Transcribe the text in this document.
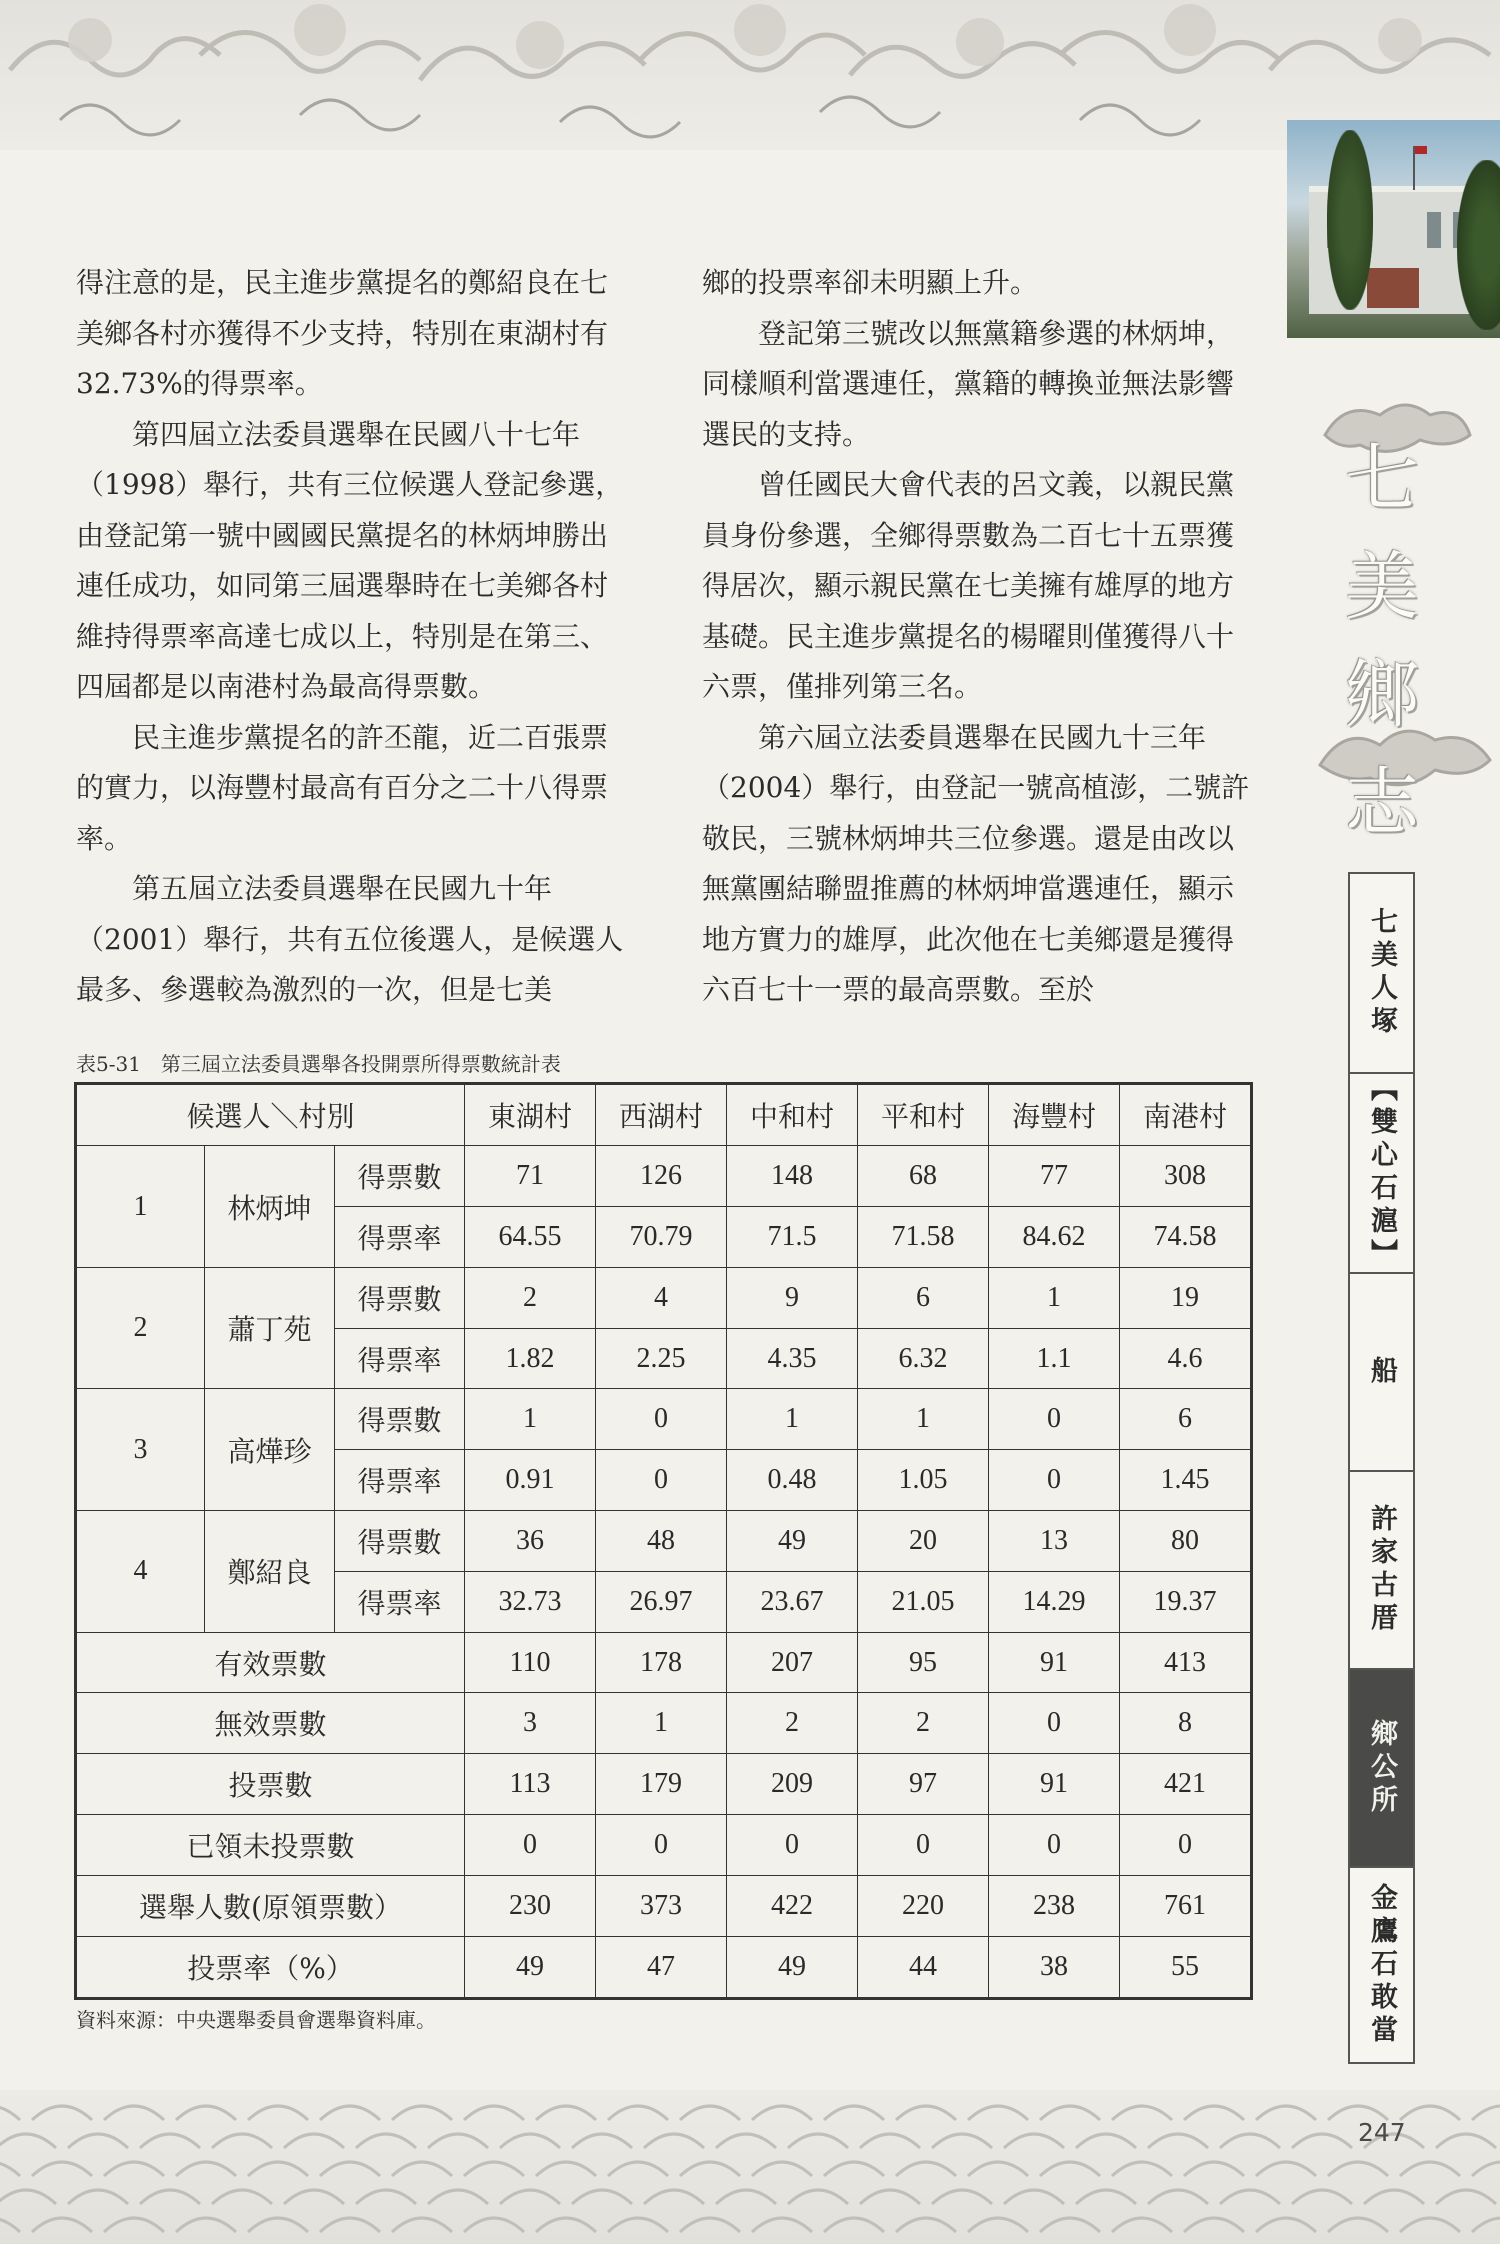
七
美
鄉
志
七美人塚
【雙心石滬】
船
許家古厝
鄉公所
金鷹石敢當

得注意的是，民主進步黨提名的鄭紹良在七美鄉各村亦獲得不少支持，特別在東湖村有32.73%的得票率。

　　第四屆立法委員選舉在民國八十七年（1998）舉行，共有三位候選人登記參選，由登記第一號中國國民黨提名的林炳坤勝出連任成功，如同第三屆選舉時在七美鄉各村維持得票率高達七成以上，特別是在第三、四屆都是以南港村為最高得票數。

　　民主進步黨提名的許丕龍，近二百張票的實力，以海豐村最高有百分之二十八得票率。

　　第五屆立法委員選舉在民國九十年（2001）舉行，共有五位後選人，是候選人最多、參選較為激烈的一次，但是七美

鄉的投票率卻未明顯上升。

　　登記第三號改以無黨籍參選的林炳坤，同樣順利當選連任，黨籍的轉換並無法影響選民的支持。

　　曾任國民大會代表的呂文義，以親民黨員身份參選，全鄉得票數為二百七十五票獲得居次，顯示親民黨在七美擁有雄厚的地方基礎。民主進步黨提名的楊曜則僅獲得八十六票，僅排列第三名。

　　第六屆立法委員選舉在民國九十三年（2004）舉行，由登記一號高植澎，二號許敬民，三號林炳坤共三位參選。還是由改以無黨團結聯盟推薦的林炳坤當選連任，顯示地方實力的雄厚，此次他在七美鄉還是獲得六百七十一票的最高票數。至於

表5-31　第三屆立法委員選舉各投開票所得票數統計表
候選人＼村別			東湖村	西湖村	中和村	平和村	海豐村	南港村
1	林炳坤	得票數	71	126	148	68	77	308
		得票率	64.55	70.79	71.5	71.58	84.62	74.58
2	蕭丁苑	得票數	2	4	9	6	1	19
		得票率	1.82	2.25	4.35	6.32	1.1	4.6
3	高燁珍	得票數	1	0	1	1	0	6
		得票率	0.91	0	0.48	1.05	0	1.45
4	鄭紹良	得票數	36	48	49	20	13	80
		得票率	32.73	26.97	23.67	21.05	14.29	19.37
有效票數			110	178	207	95	91	413
無效票數			3	1	2	2	0	8
投票數			113	179	209	97	91	421
已領未投票數			0	0	0	0	0	0
選舉人數(原領票數）			230	373	422	220	238	761
投票率（%）			49	47	49	44	38	55
資料來源：中央選舉委員會選舉資料庫。
247
